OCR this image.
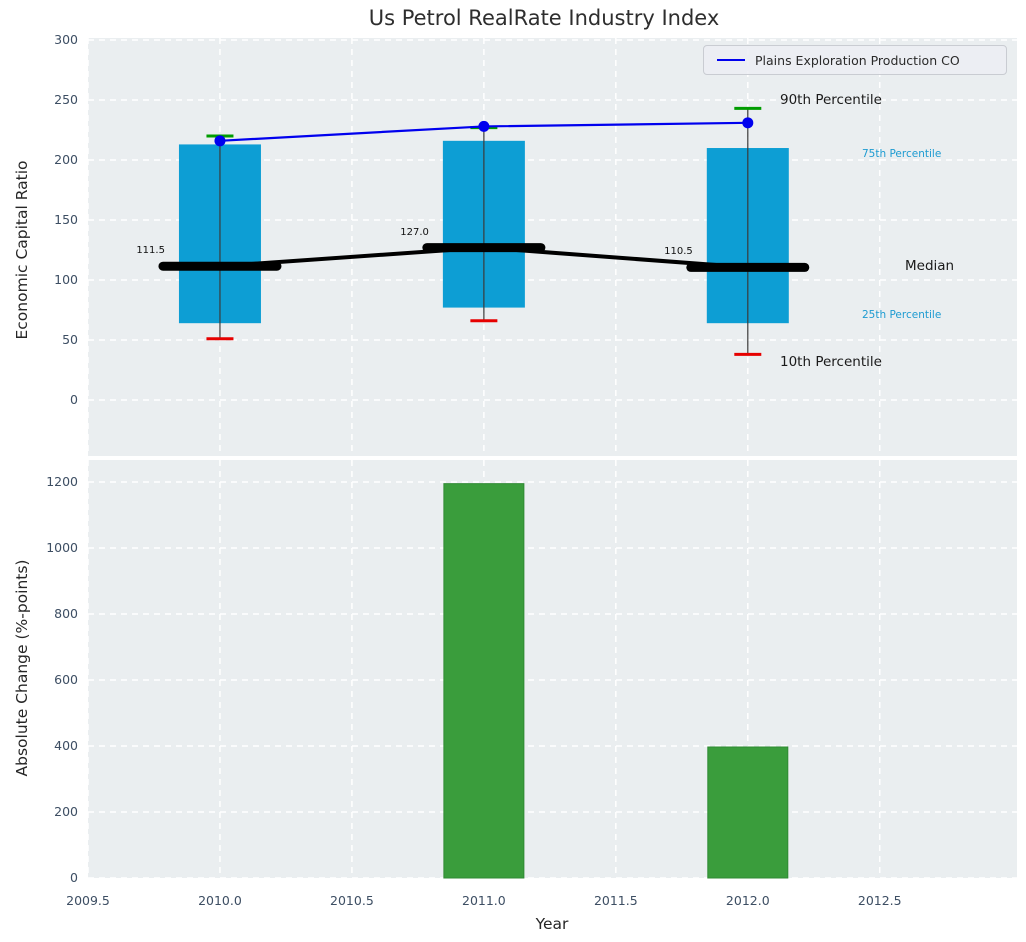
Us Petrol RealRate Industry Index
Economic Capital Ratio
Absolute Change (%-points)
Year
Plains Exploration Production CO
90th Percentile
75th Percentile
Median
25th Percentile
10th Percentile
111.5
127.0
110.5
300
250
200
150
100
50
0
1200
1000
800
600
400
200
0
2009.5	2010.0	2010.5	2011.0	2011.5	2012.0	2012.5
